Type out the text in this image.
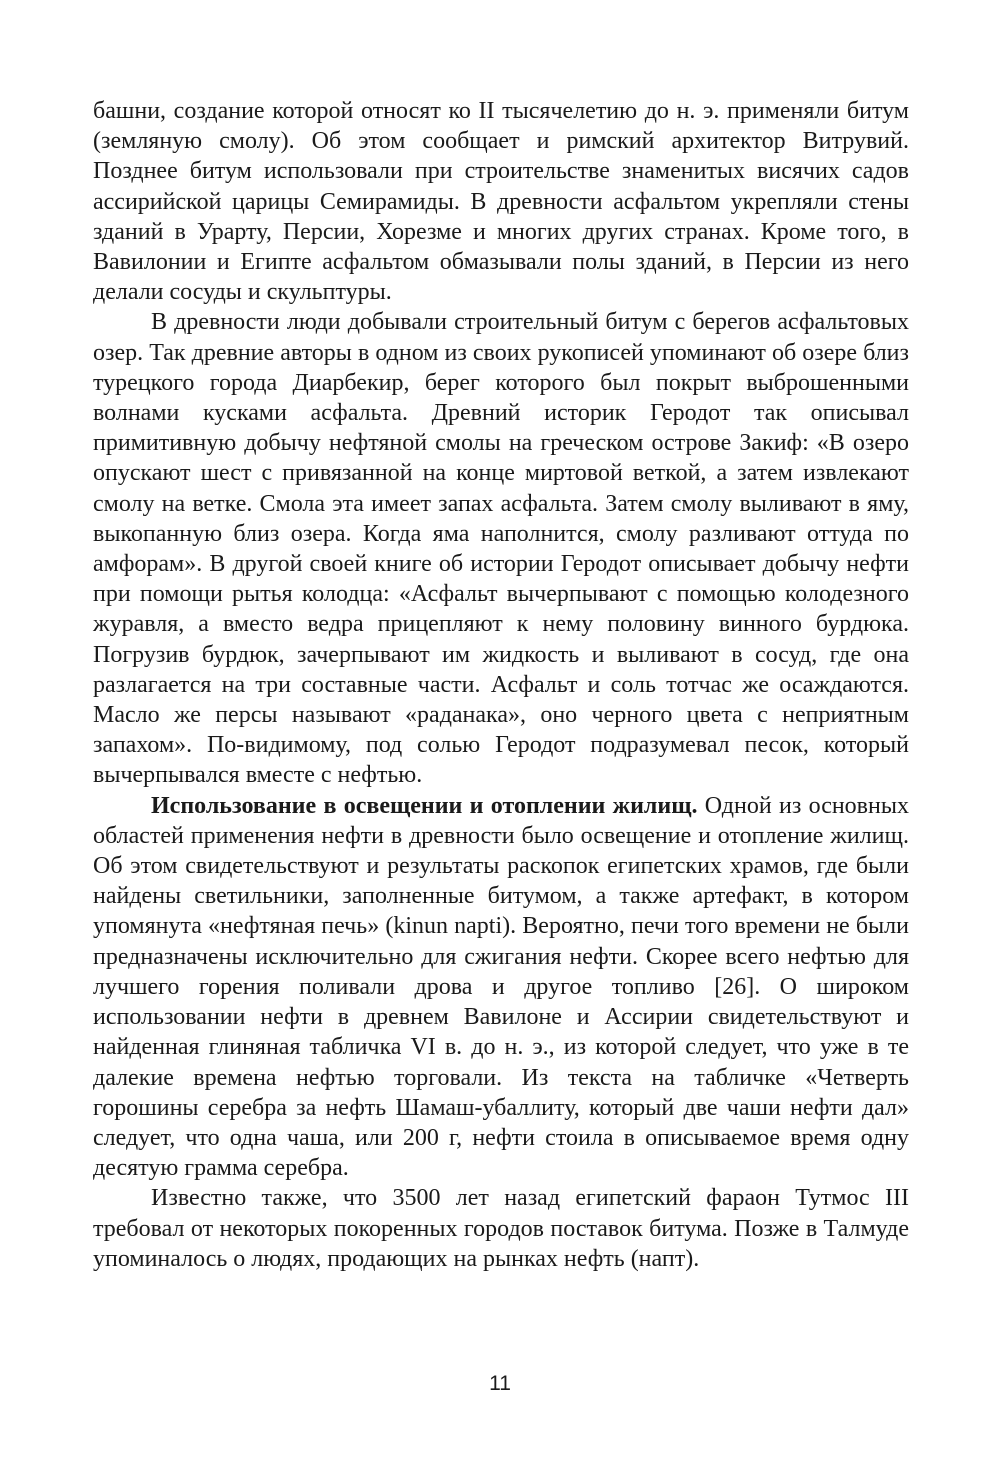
башни, создание которой относят ко II тысячелетию до н. э. применяли битум (земляную смолу). Об этом сообщает и римский архитектор Витрувий. Позднее битум использовали при строительстве знаменитых висячих садов ассирийской царицы Семирамиды. В древности асфальтом укрепляли стены зданий в Урарту, Персии, Хорезме и многих других странах. Кроме того, в Вавилонии и Египте асфальтом обмазывали полы зданий, в Персии из него делали сосуды и скульптуры.

В древности люди добывали строительный битум с берегов асфальтовых озер. Так древние авторы в одном из своих рукописей упоминают об озере близ турецкого города Диарбекир, берег которого был покрыт выброшенными волнами кусками асфальта. Древний историк Геродот так описывал примитивную добычу нефтяной смолы на греческом острове Закиф: «В озеро опускают шест с привязанной на конце миртовой веткой, а затем извлекают смолу на ветке. Смола эта имеет запах асфальта. Затем смолу выливают в яму, выкопанную близ озера. Когда яма наполнится, смолу разливают оттуда по амфорам». В другой своей книге об истории Геродот описывает добычу нефти при помощи рытья колодца: «Асфальт вычерпывают с помощью колодезного журавля, а вместо ведра прицепляют к нему половину винного бурдюка. Погрузив бурдюк, зачерпывают им жидкость и выливают в сосуд, где она разлагается на три составные части. Асфальт и соль тотчас же осаждаются. Масло же персы называют «раданака», оно черного цвета с неприятным запахом». По-видимому, под солью Геродот подразумевал песок, который вычерпывался вместе с нефтью.

Использование в освещении и отоплении жилищ. Одной из основных областей применения нефти в древности было освещение и отопление жилищ. Об этом свидетельствуют и результаты раскопок египетских храмов, где были найдены светильники, заполненные битумом, а также артефакт, в котором упомянута «нефтяная печь» (kinun napti). Вероятно, печи того времени не были предназначены исключительно для сжигания нефти. Скорее всего нефтью для лучшего горения поливали дрова и другое топливо [26]. О широком использовании нефти в древнем Вавилоне и Ассирии свидетельствуют и найденная глиняная табличка VI в. до н. э., из которой следует, что уже в те далекие времена нефтью торговали. Из текста на табличке «Четверть горошины серебра за нефть Шамаш-убаллиту, который две чаши нефти дал» следует, что одна чаша, или 200 г, нефти стоила в описываемое время одну десятую грамма серебра.

Известно также, что 3500 лет назад египетский фараон Тутмос III требовал от некоторых покоренных городов поставок битума. Позже в Талмуде упоминалось о людях, продающих на рынках нефть (напт).

11
